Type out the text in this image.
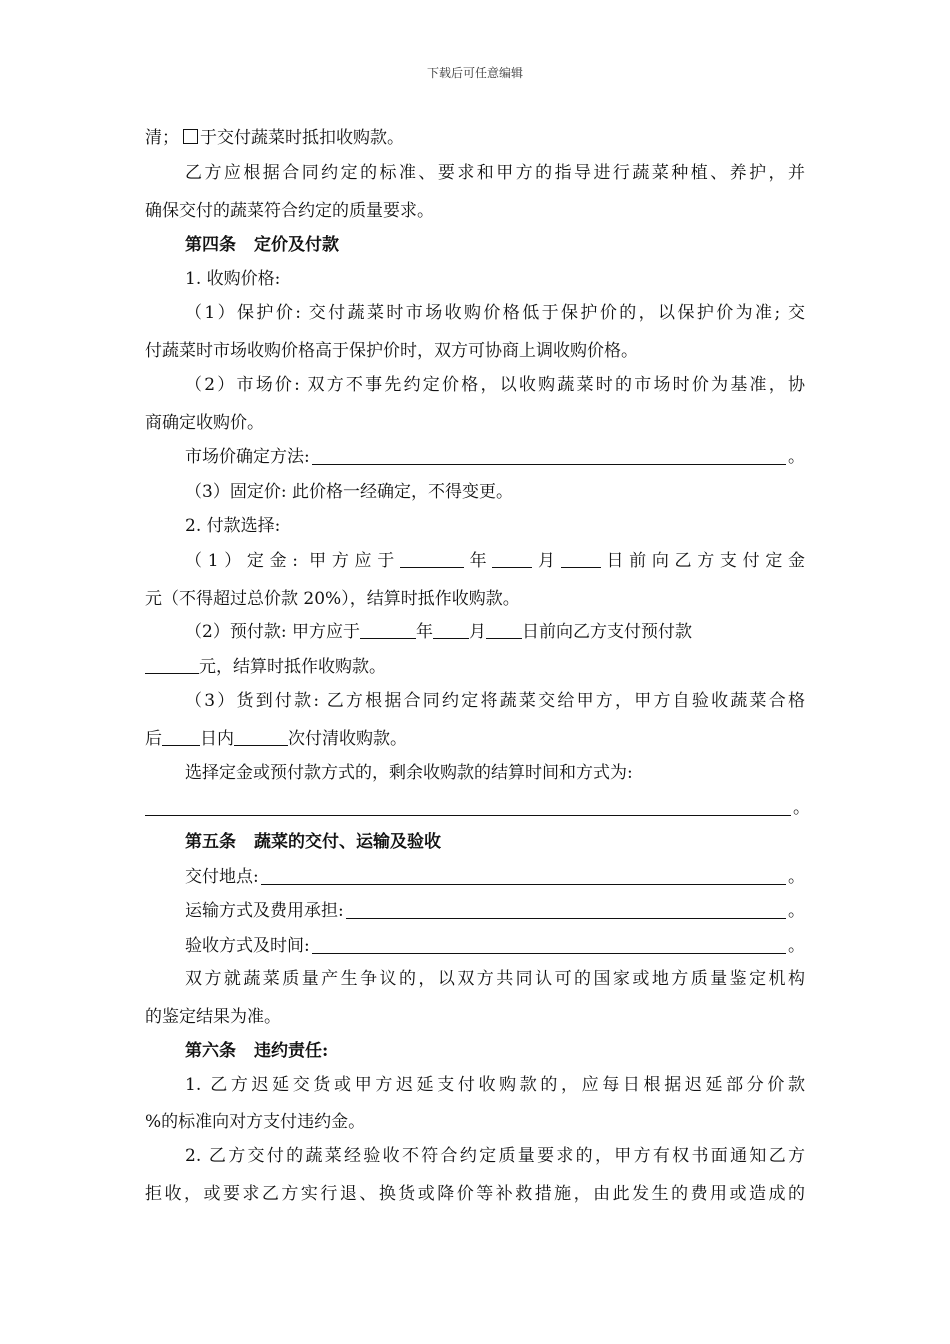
下载后可任意编辑
清； 于交付蔬菜时抵扣收购款。
乙方应根据合同约定的标准、要求和甲方的指导进行蔬菜种植、养护，并
确保交付的蔬菜符合约定的质量要求。
第四条 定价及付款
1. 收购价格:
（1）保护价: 交付蔬菜时市场收购价格低于保护价的，以保护价为准; 交
付蔬菜时市场收购价格高于保护价时，双方可协商上调收购价格。
（2）市场价: 双方不事先约定价格，以收购蔬菜时的市场时价为基准，协
商确定收购价。
市场价确定方法:	。
（3）固定价: 此价格一经确定，不得变更。
2. 付款选择:
（1）定金: 甲方应于	年 月 日前向乙方支付定金
元（不得超过总价款 20%），结算时抵作收购款。
（2）预付款: 甲方应于	年 月 日前向乙方支付预付款
元，结算时抵作收购款。
（3）货到付款: 乙方根据合同约定将蔬菜交给甲方，甲方自验收蔬菜合格
后 日内	次付清收购款。
选择定金或预付款方式的，剩余收购款的结算时间和方式为:
。
第五条 蔬菜的交付、运输及验收
交付地点:	。
运输方式及费用承担:	。
验收方式及时间:	。
双方就蔬菜质量产生争议的，以双方共同认可的国家或地方质量鉴定机构
的鉴定结果为准。
第六条 违约责任:
1. 乙方迟延交货或甲方迟延支付收购款的，应每日根据迟延部分价款
%的标准向对方支付违约金。
2. 乙方交付的蔬菜经验收不符合约定质量要求的，甲方有权书面通知乙方
拒收，或要求乙方实行退、换货或降价等补救措施，由此发生的费用或造成的
